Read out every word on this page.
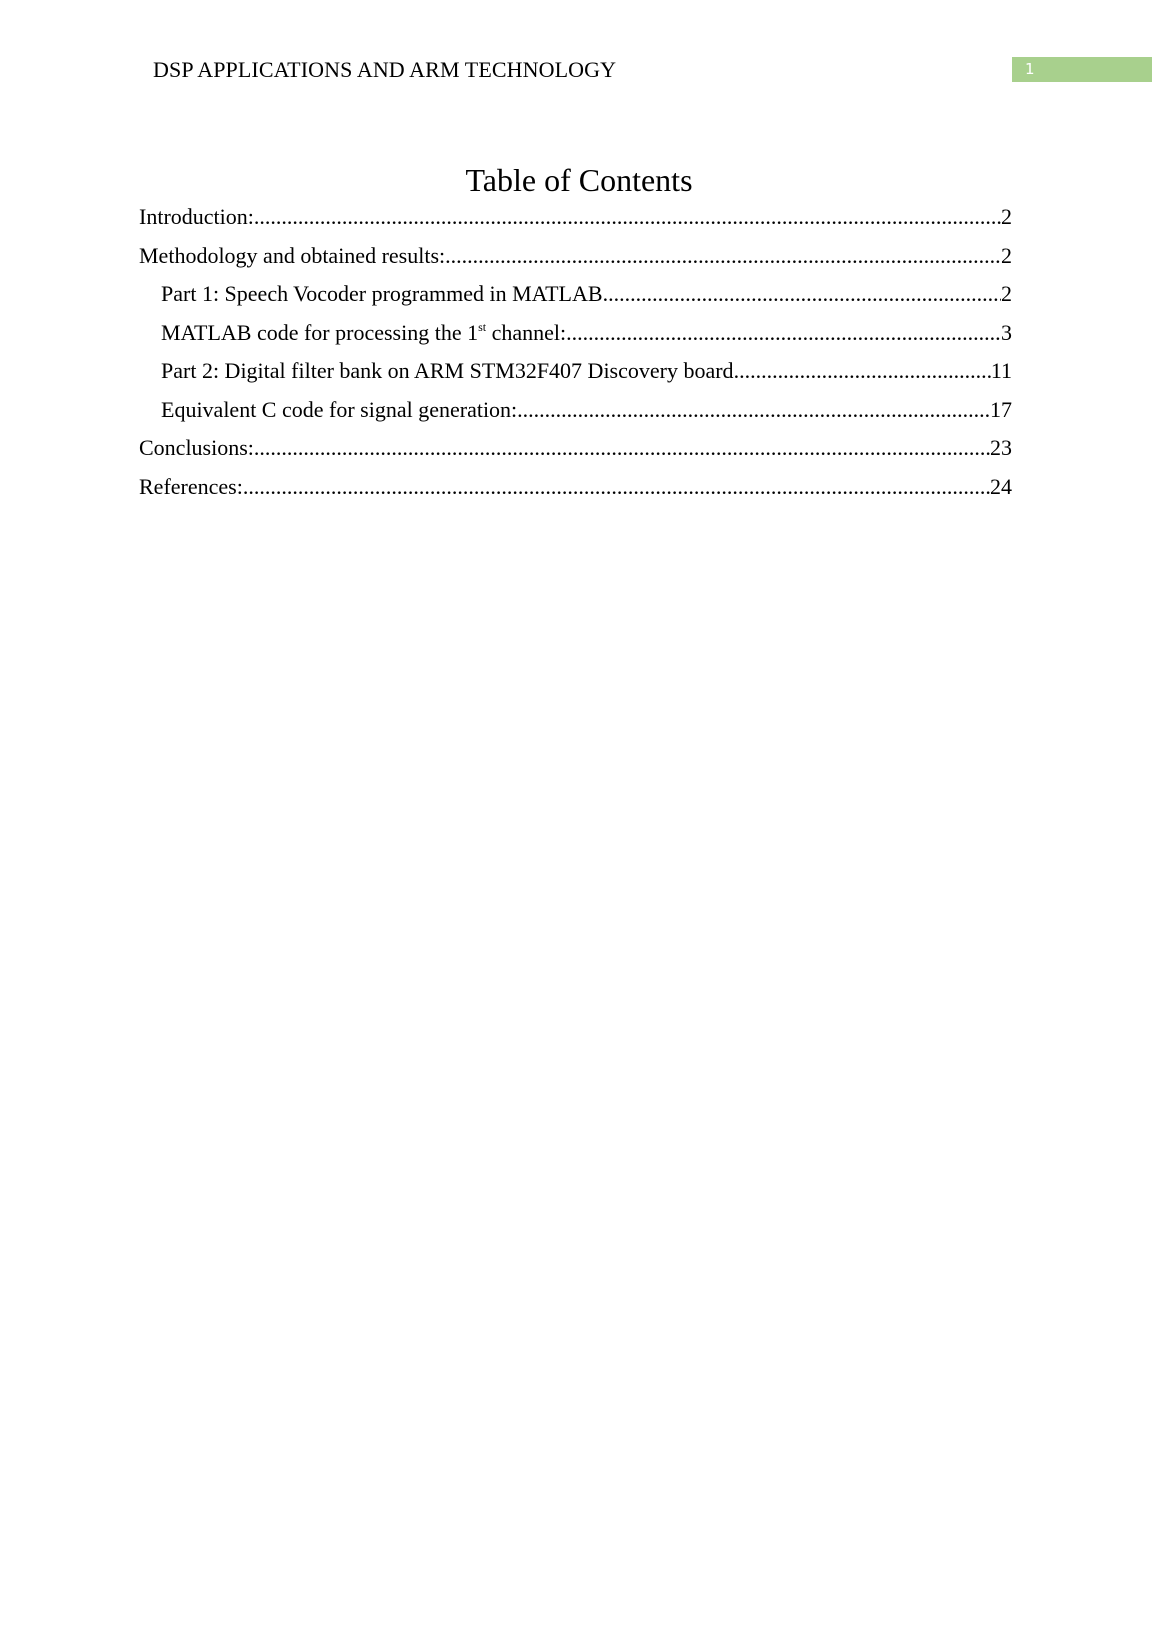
DSP APPLICATIONS AND ARM TECHNOLOGY	1
Table of Contents
Introduction: .....	2
Methodology and obtained results: .....	2
Part 1: Speech Vocoder programmed in MATLAB .....	2
MATLAB code for processing the 1st channel: .....	3
Part 2: Digital filter bank on ARM STM32F407 Discovery board .....	11
Equivalent C code for signal generation: .....	17
Conclusions: .....	23
References: .....	24
